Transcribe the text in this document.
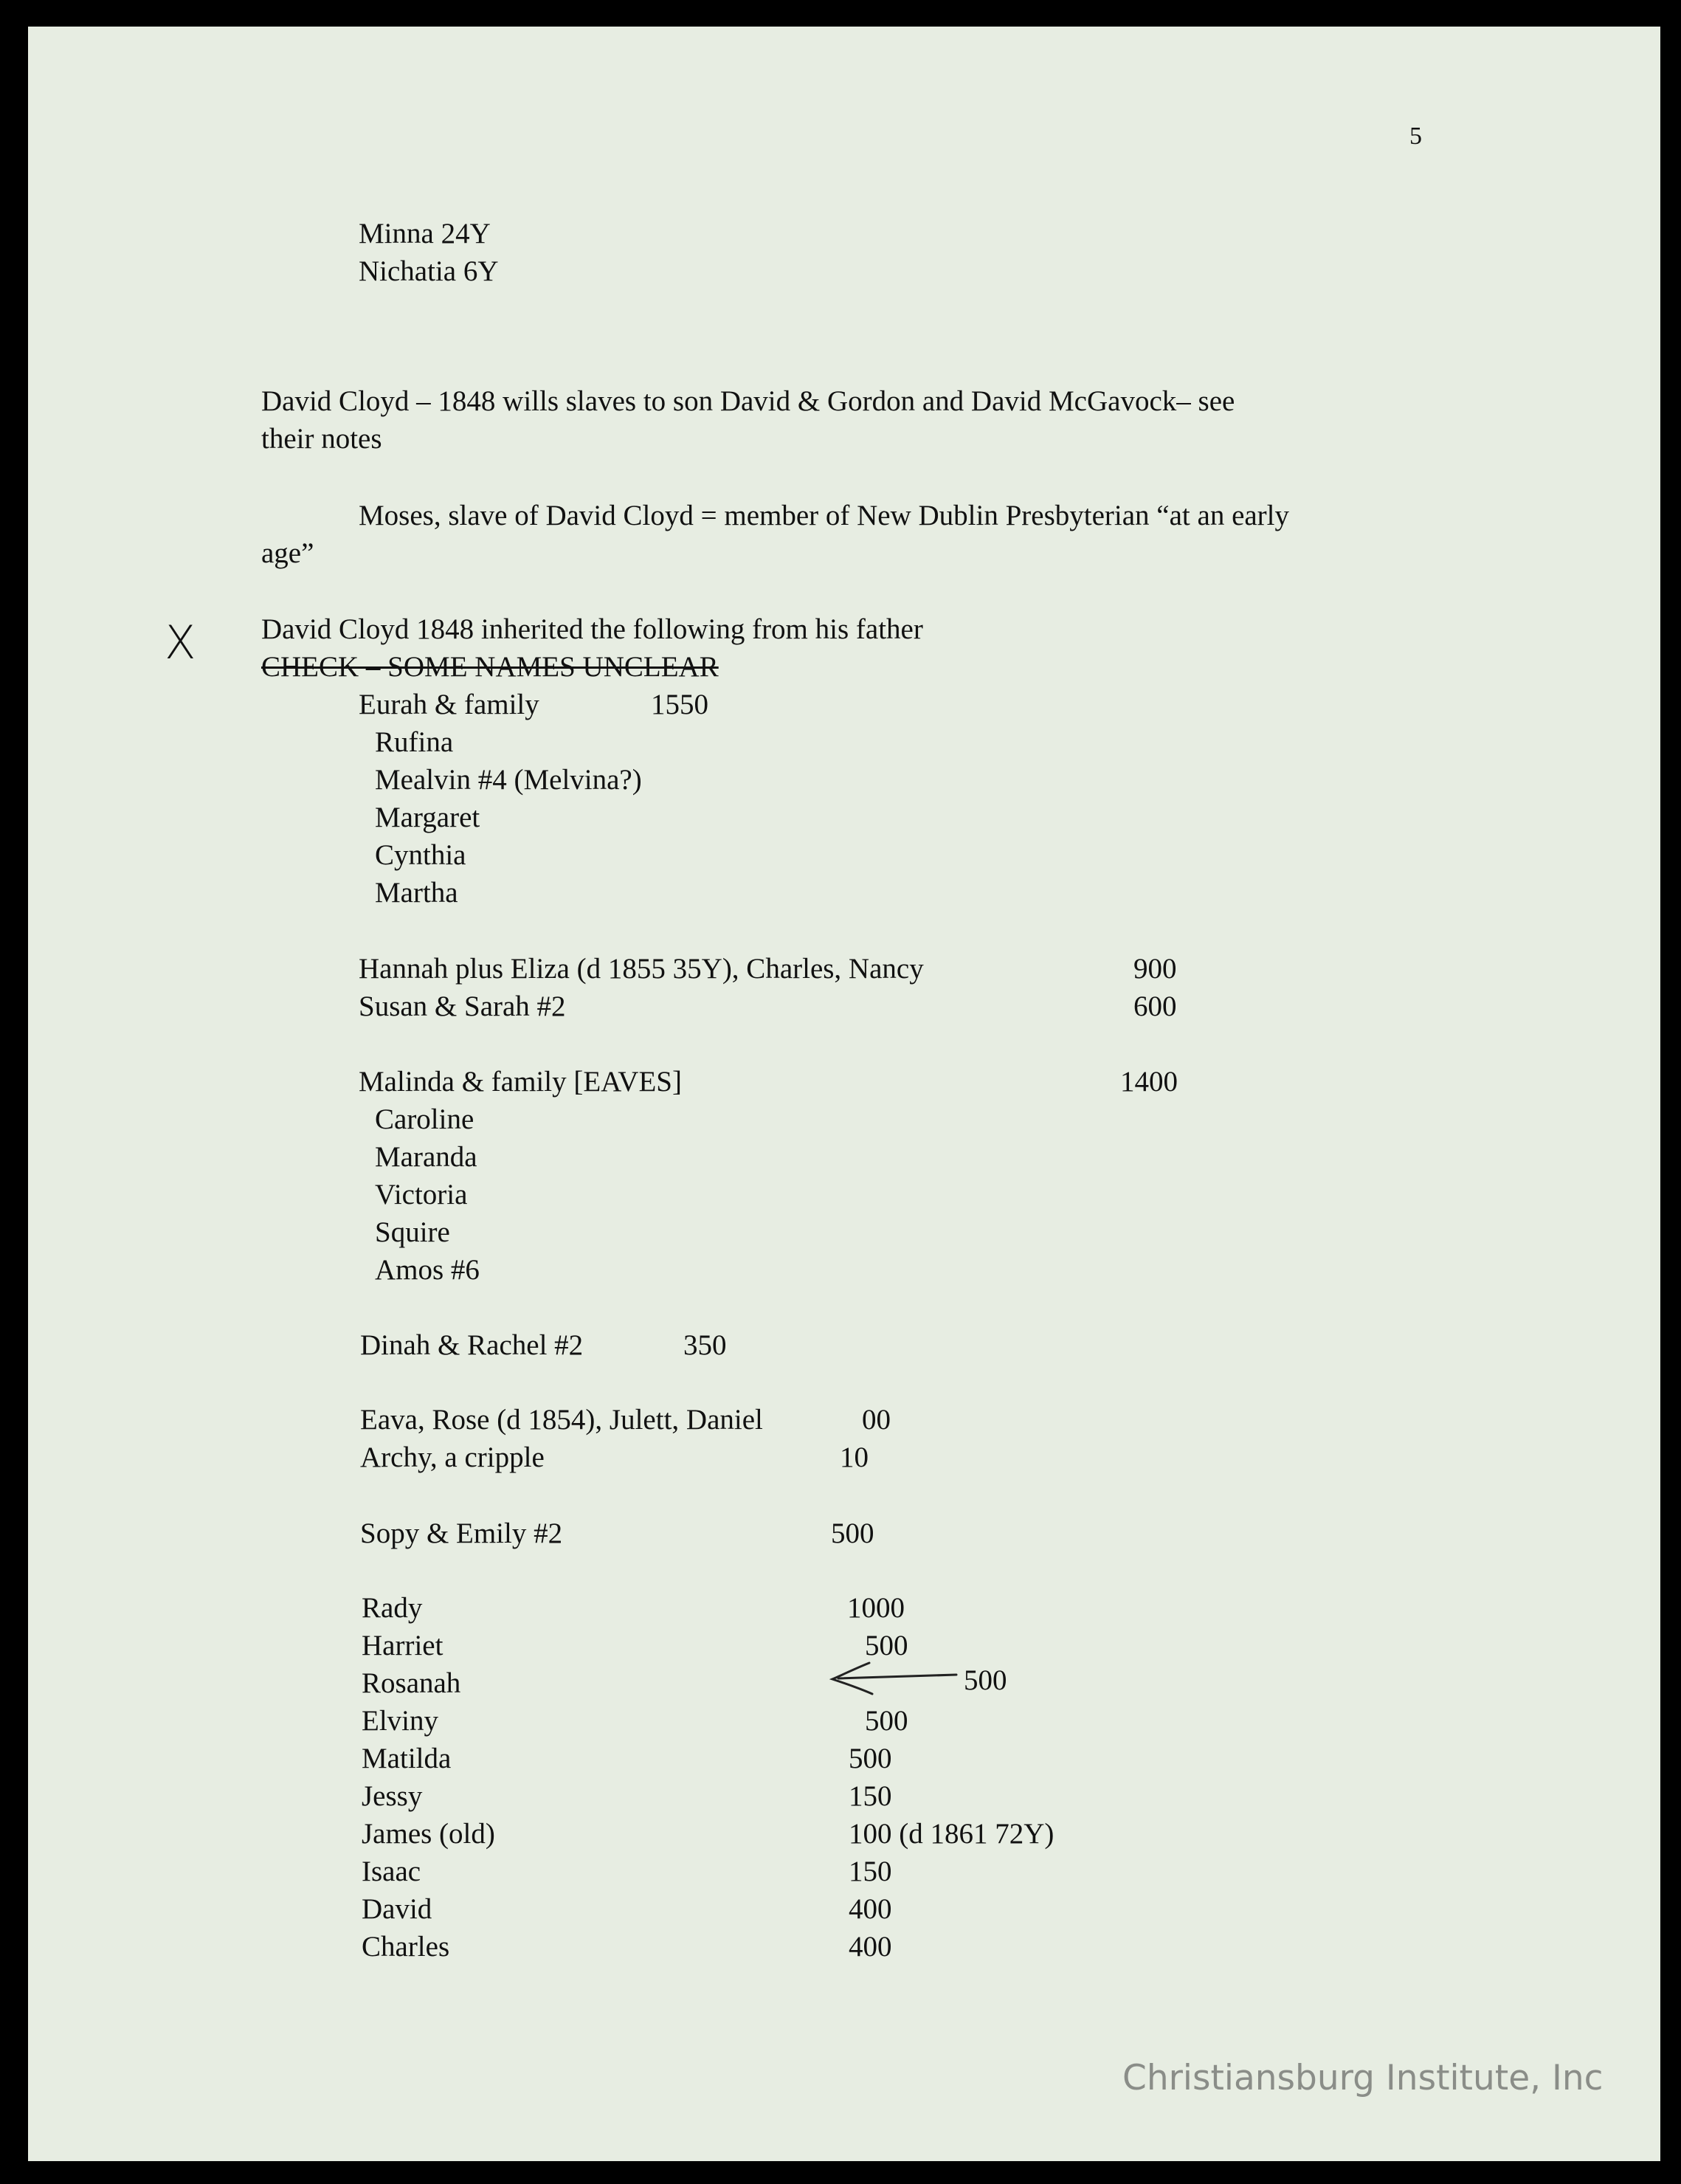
5
Minna 24Y
Nichatia 6Y
David Cloyd – 1848 wills slaves to son David & Gordon and David McGavock– see
their notes
Moses, slave of David Cloyd = member of New Dublin Presbyterian “at an early
age”
David Cloyd 1848 inherited the following from his father
X CHECK – SOME NAMES UNCLEAR
Eurah & family	1550
Rufina
Mealvin #4 (Melvina?)
Margaret
Cynthia
Martha
Hannah plus Eliza (d 1855 35Y), Charles, Nancy	900
Susan & Sarah #2	600
Malinda & family [EAVES]	1400
Caroline
Maranda
Victoria
Squire
Amos #6
Dinah & Rachel #2	350
Eava, Rose (d 1854), Julett, Daniel	00
Archy, a cripple	10
Sopy & Emily #2	500
Rady	1000
Harriet	500
Rosanah	500
Elviny	500
Matilda	500
Jessy	150
James (old)	100 (d 1861 72Y)
Isaac	150
David	400
Charles	400
Christiansburg Institute, Inc
